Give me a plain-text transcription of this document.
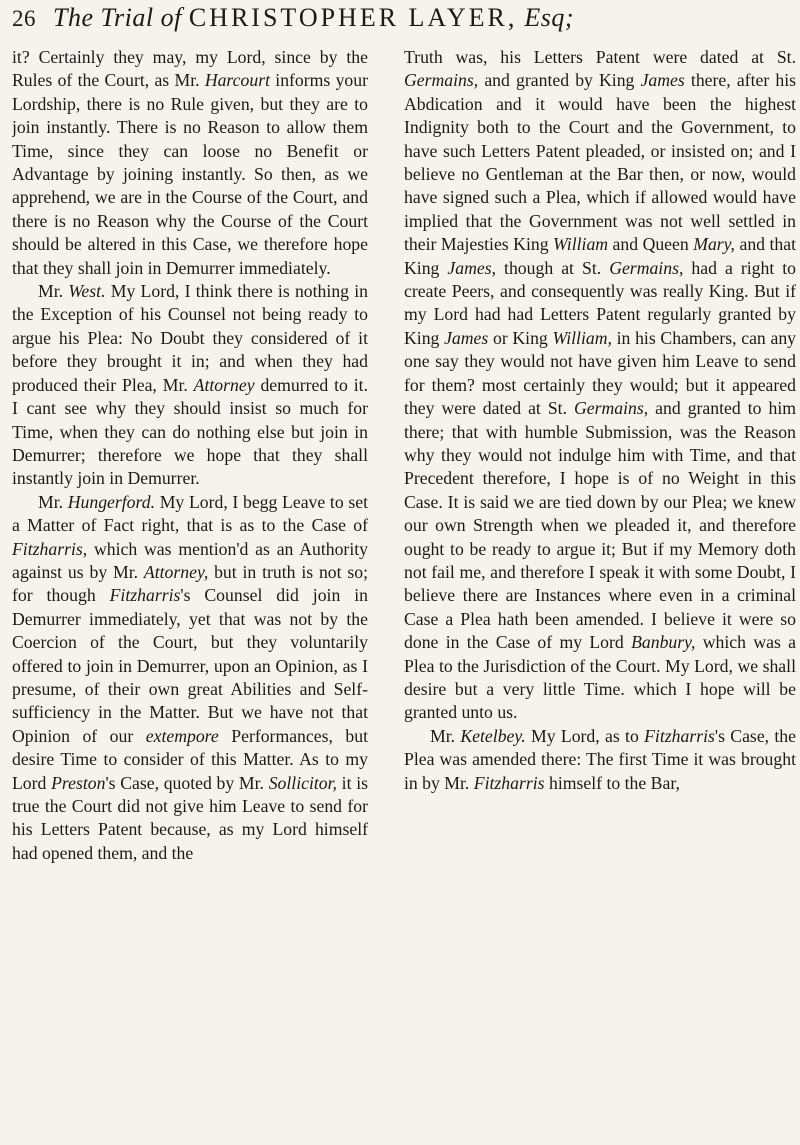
26 The Trial of CHRISTOPHER LAYER, Esq;

it? Certainly they may, my Lord, since by the Rules of the Court, as Mr. Harcourt informs your Lordship, there is no Rule given, but they are to join instantly. There is no Reason to allow them Time, since they can loose no Benefit or Advantage by joining instantly. So then, as we apprehend, we are in the Course of the Court, and there is no Reason why the Course of the Court should be altered in this Case, we therefore hope that they shall join in Demurrer immediately.

Mr. West. My Lord, I think there is nothing in the Exception of his Counsel not being ready to argue his Plea: No Doubt they considered of it before they brought it in; and when they had produced their Plea, Mr. Attorney demurred to it. I cant see why they should insist so much for Time, when they can do nothing else but join in Demurrer; therefore we hope that they shall instantly join in Demurrer.

Mr. Hungerford. My Lord, I begg Leave to set a Matter of Fact right, that is as to the Case of Fitzharris, which was mention'd as an Authority against us by Mr. Attorney, but in truth is not so; for though Fitzharris's Counsel did join in Demurrer immediately, yet that was not by the Coercion of the Court, but they voluntarily offered to join in Demurrer, upon an Opinion, as I presume, of their own great Abilities and Self-sufficiency in the Matter. But we have not that Opinion of our extempore Performances, but desire Time to consider of this Matter. As to my Lord Preston's Case, quoted by Mr. Sollicitor, it is true the Court did not give him Leave to send for his Letters Patent because, as my Lord himself had opened them, and the

Truth was, his Letters Patent were dated at St. Germains, and granted by King James there, after his Abdication and it would have been the highest Indignity both to the Court and the Government, to have such Letters Patent pleaded, or insisted on; and I believe no Gentleman at the Bar then, or now, would have signed such a Plea, which if allowed would have implied that the Government was not well settled in their Majesties King William and Queen Mary, and that King James, though at St. Germains, had a right to create Peers, and consequently was really King. But if my Lord had had Letters Patent regularly granted by King James or King William, in his Chambers, can any one say they would not have given him Leave to send for them? most certainly they would; but it appeared they were dated at St. Germains, and granted to him there; that with humble Submission, was the Reason why they would not indulge him with Time, and that Precedent therefore, I hope is of no Weight in this Case. It is said we are tied down by our Plea; we knew our own Strength when we pleaded it, and therefore ought to be ready to argue it; But if my Memory doth not fail me, and therefore I speak it with some Doubt, I believe there are Instances where even in a criminal Case a Plea hath been amended. I believe it were so done in the Case of my Lord Banbury, which was a Plea to the Jurisdiction of the Court. My Lord, we shall desire but a very little Time. which I hope will be granted unto us.

Mr. Ketelbey. My Lord, as to Fitzharris's Case, the Plea was amended there: The first Time it was brought in by Mr. Fitzharris himself to the Bar,
